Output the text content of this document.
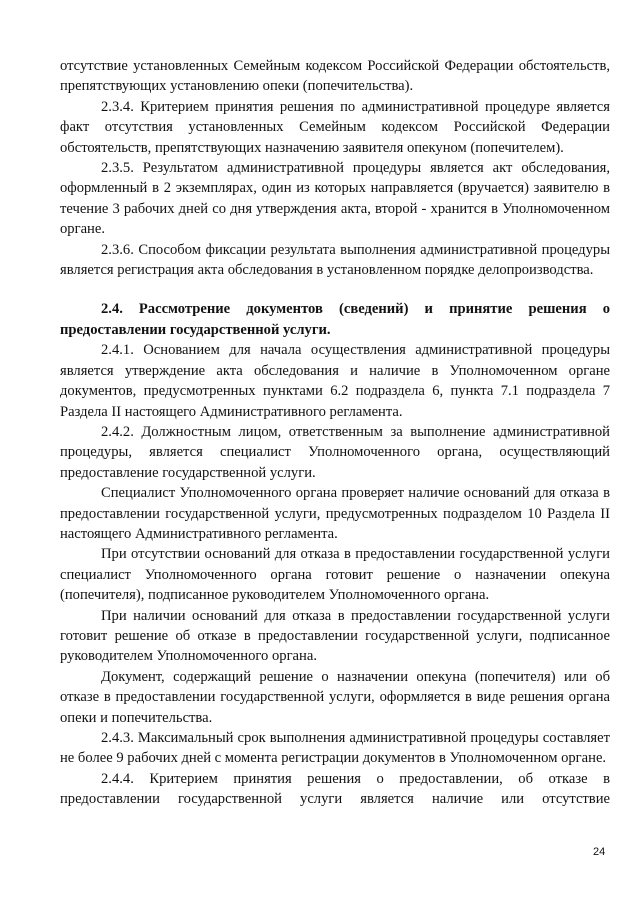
отсутствие установленных Семейным кодексом Российской Федерации обстоятельств, препятствующих установлению опеки (попечительства).

2.3.4. Критерием принятия решения по административной процедуре является факт отсутствия установленных Семейным кодексом Российской Федерации обстоятельств, препятствующих назначению заявителя опекуном (попечителем).

2.3.5. Результатом административной процедуры является акт обследования, оформленный в 2 экземплярах, один из которых направляется (вручается) заявителю в течение 3 рабочих дней со дня утверждения акта, второй - хранится в Уполномоченном органе.

2.3.6. Способом фиксации результата выполнения административной процедуры является регистрация акта обследования в установленном порядке делопроизводства.

2.4. Рассмотрение документов (сведений) и принятие решения о предоставлении государственной услуги.

2.4.1. Основанием для начала осуществления административной процедуры является утверждение акта обследования и наличие в Уполномоченном органе документов, предусмотренных пунктами 6.2 подраздела 6, пункта 7.1 подраздела 7 Раздела II настоящего Административного регламента.

2.4.2. Должностным лицом, ответственным за выполнение административной процедуры, является специалист Уполномоченного органа, осуществляющий предоставление государственной услуги.

Специалист Уполномоченного органа проверяет наличие оснований для отказа в предоставлении государственной услуги, предусмотренных подразделом 10 Раздела II настоящего Административного регламента.

При отсутствии оснований для отказа в предоставлении государственной услуги специалист Уполномоченного органа готовит решение о назначении опекуна (попечителя), подписанное руководителем Уполномоченного органа.

При наличии оснований для отказа в предоставлении государственной услуги готовит решение об отказе в предоставлении государственной услуги, подписанное руководителем Уполномоченного органа.

Документ, содержащий решение о назначении опекуна (попечителя) или об отказе в предоставлении государственной услуги, оформляется в виде решения органа опеки и попечительства.

2.4.3. Максимальный срок выполнения административной процедуры составляет не более 9 рабочих дней с момента регистрации документов в Уполномоченном органе.

2.4.4. Критерием принятия решения о предоставлении, об отказе в предоставлении государственной услуги является наличие или отсутствие

24
